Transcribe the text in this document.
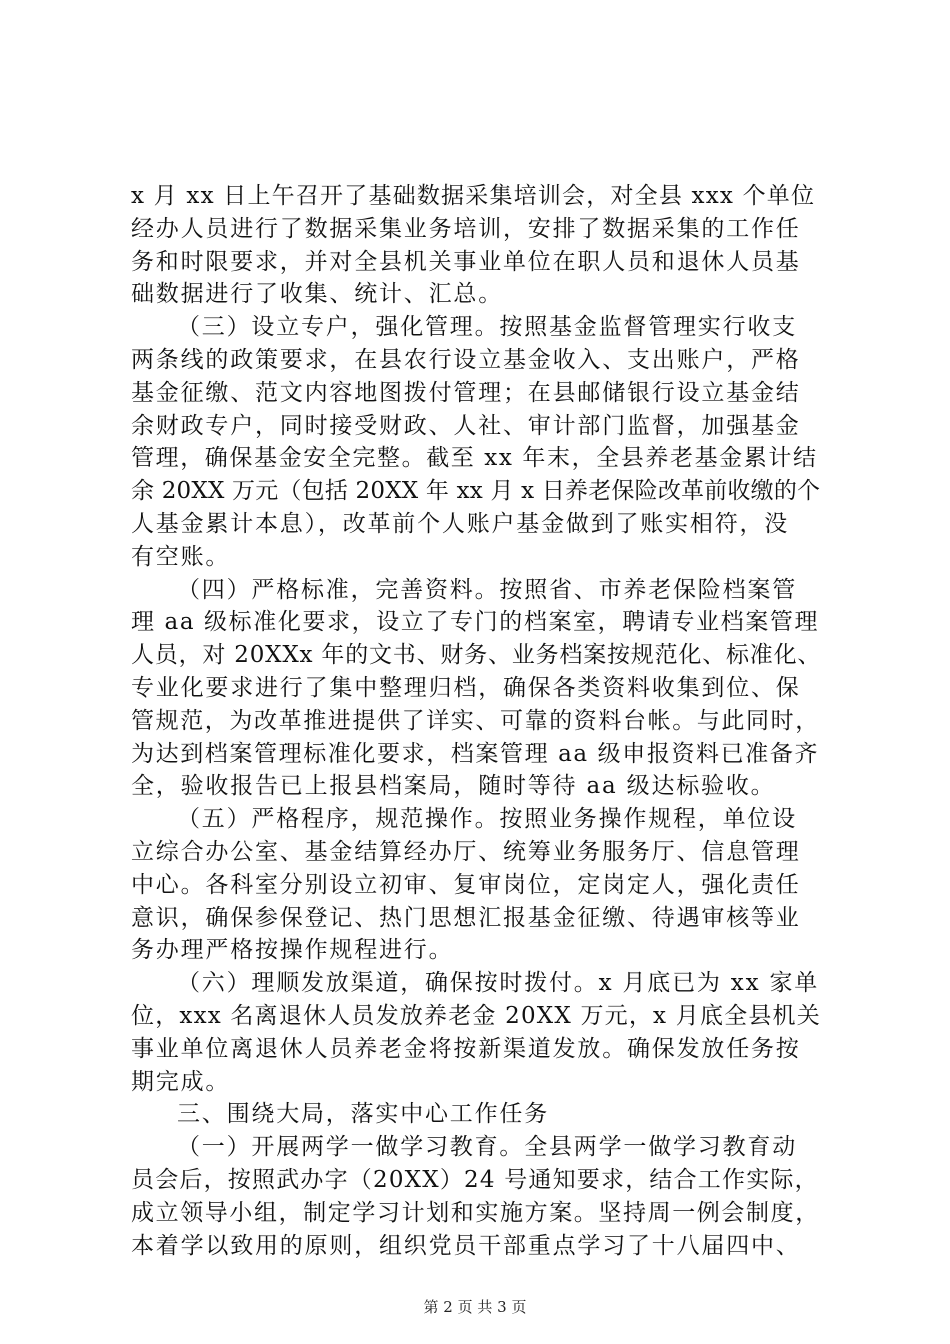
x 月 xx 日上午召开了基础数据采集培训会，对全县 xxx 个单位
经办人员进行了数据采集业务培训，安排了数据采集的工作任
务和时限要求，并对全县机关事业单位在职人员和退休人员基
础数据进行了收集、统计、汇总。
（三）设立专户，强化管理。按照基金监督管理实行收支
两条线的政策要求，在县农行设立基金收入、支出账户，严格
基金征缴、范文内容地图拨付管理；在县邮储银行设立基金结
余财政专户，同时接受财政、人社、审计部门监督，加强基金
管理，确保基金安全完整。截至 xx 年末，全县养老基金累计结
余 20XX 万元（包括 20XX 年 xx 月 x 日养老保险改革前收缴的个
人基金累计本息），改革前个人账户基金做到了账实相符，没
有空账。
（四）严格标准，完善资料。按照省、市养老保险档案管
理 aa 级标准化要求，设立了专门的档案室，聘请专业档案管理
人员，对 20XXx 年的文书、财务、业务档案按规范化、标准化、
专业化要求进行了集中整理归档，确保各类资料收集到位、保
管规范，为改革推进提供了详实、可靠的资料台帐。与此同时，
为达到档案管理标准化要求，档案管理 aa 级申报资料已准备齐
全，验收报告已上报县档案局，随时等待 aa 级达标验收。
（五）严格程序，规范操作。按照业务操作规程，单位设
立综合办公室、基金结算经办厅、统筹业务服务厅、信息管理
中心。各科室分别设立初审、复审岗位，定岗定人，强化责任
意识，确保参保登记、热门思想汇报基金征缴、待遇审核等业
务办理严格按操作规程进行。
（六）理顺发放渠道，确保按时拨付。x 月底已为 xx 家单
位，xxx 名离退休人员发放养老金 20XX 万元，x 月底全县机关
事业单位离退休人员养老金将按新渠道发放。确保发放任务按
期完成。
三、围绕大局，落实中心工作任务
（一）开展两学一做学习教育。全县两学一做学习教育动
员会后，按照武办字（20XX）24 号通知要求，结合工作实际，
成立领导小组，制定学习计划和实施方案。坚持周一例会制度，
本着学以致用的原则，组织党员干部重点学习了十八届四中、
第 2 页 共 3 页
